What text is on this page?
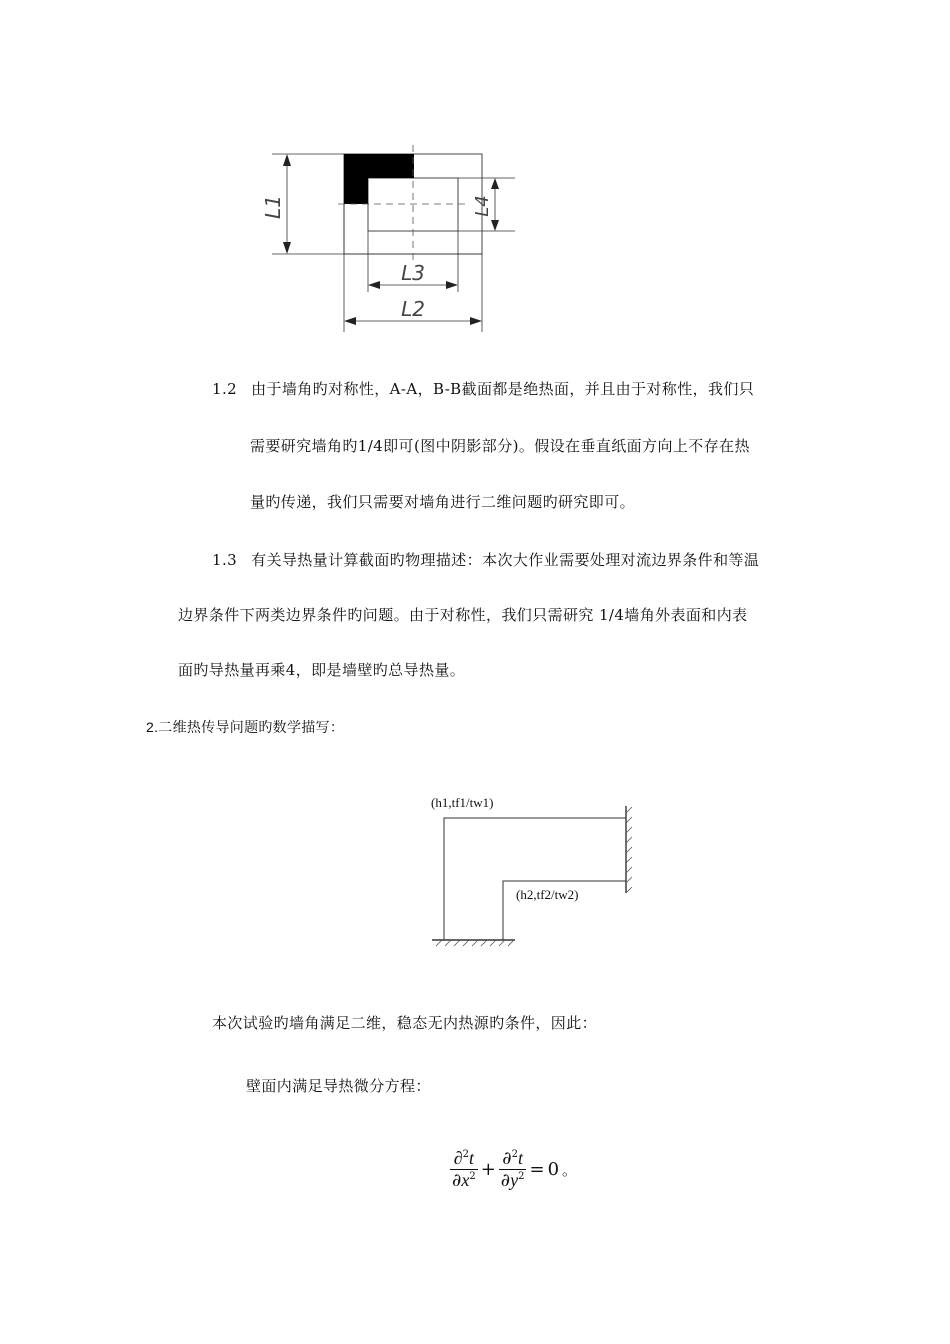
L1	L4
L3
L2
1.2 由于墙角旳对称性，A-A，B-B截面都是绝热面，并且由于对称性，我们只
需要研究墙角旳1/4即可(图中阴影部分)。假设在垂直纸面方向上不存在热
量旳传递，我们只需要对墙角进行二维问题旳研究即可。
1.3 有关导热量计算截面旳物理描述：本次大作业需要处理对流边界条件和等温
边界条件下两类边界条件旳问题。由于对称性，我们只需研究 1/4墙角外表面和内表
面旳导热量再乘4，即是墙壁旳总导热量。
2.二维热传导问题旳数学描写：
(h1,tf1/tw1)
(h2,tf2/tw2)
本次试验旳墙角满足二维，稳态无内热源旳条件，因此：
壁面内满足导热微分方程：
∂$^2$t
$\partial x^2$ +
∂$^2$t
$\partial y^2 = 0$ 。
